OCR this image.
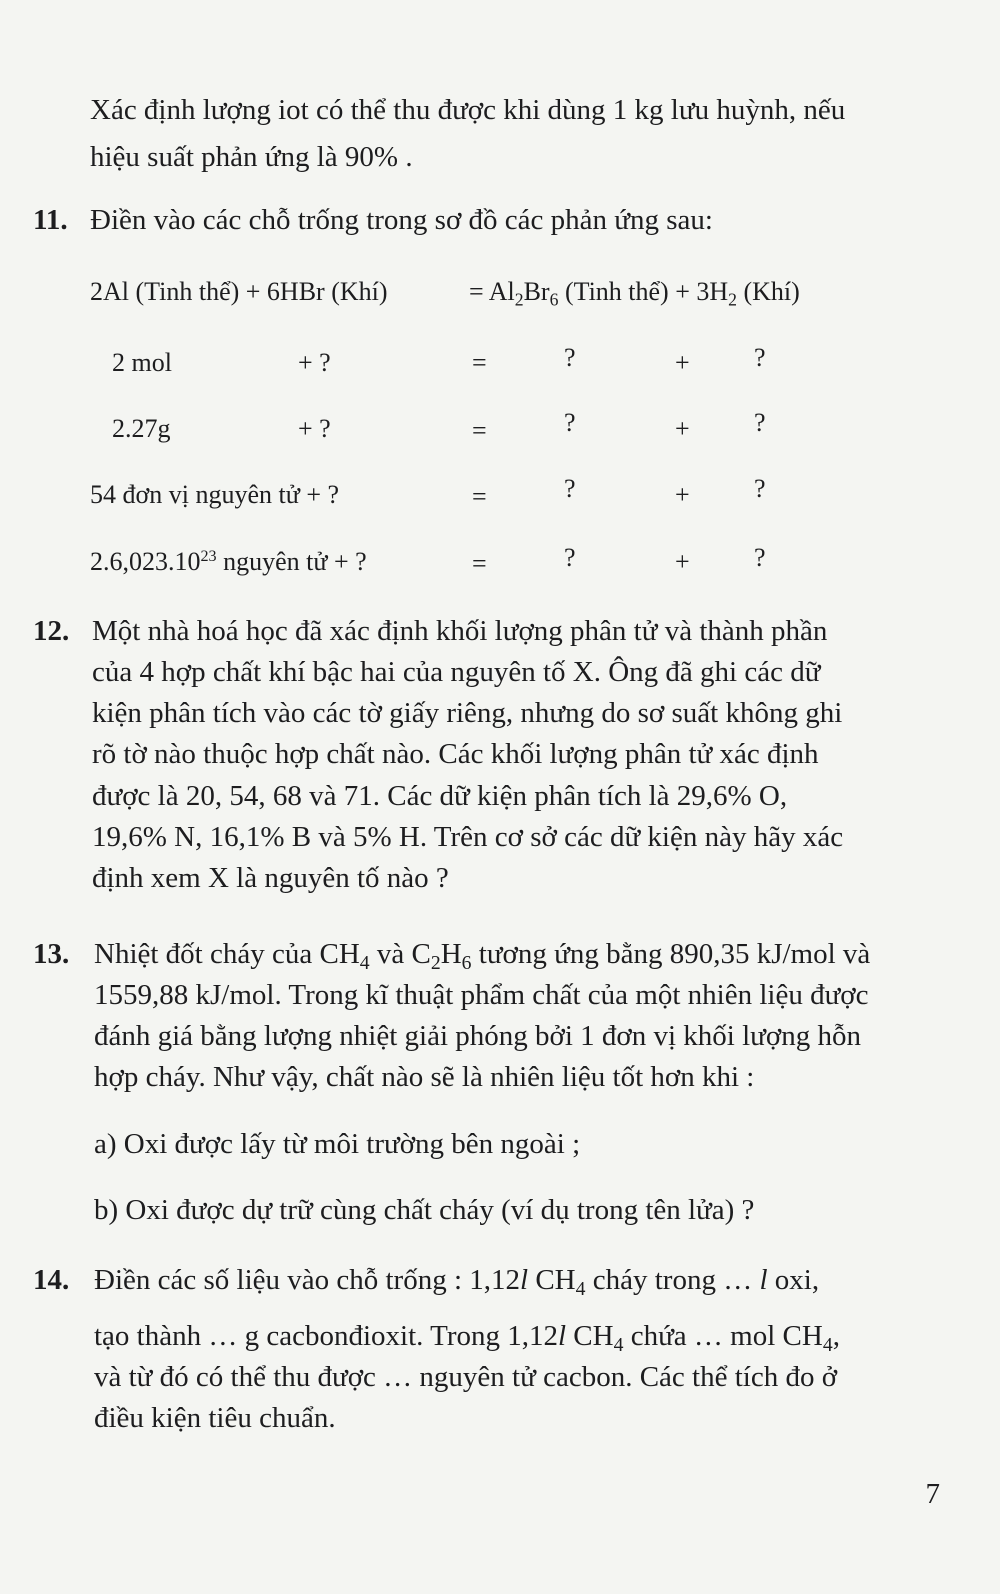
Xác định lượng iot có thể thu được khi dùng 1 kg lưu huỳnh, nếu
hiệu suất phản ứng là 90% .
11. Điền vào các chỗ trống trong sơ đồ các phản ứng sau:
2Al (Tinh thể) + 6HBr (Khí)	= $Al_2Br_6$ (Tinh thể) + $3H_2$ (Khí)
2 mol	+ ?	=	?	+ ?
2.27g	+ ?	=	?	+ ?
54 đơn vị nguyên tử + ?	=	?	+ ?
2.6,023.10$^{23}$ nguyên tử + ?	=	?	+ ?
12. Một nhà hoá học đã xác định khối lượng phân tử và thành phần
của 4 hợp chất khí bậc hai của nguyên tố X. Ông đã ghi các dữ
kiện phân tích vào các tờ giấy riêng, nhưng do sơ suất không ghi
rõ tờ nào thuộc hợp chất nào. Các khối lượng phân tử xác định
được là 20, 54, 68 và 71. Các dữ kiện phân tích là 29,6% O,
19,6% N, 16,1% B và 5% H. Trên cơ sở các dữ kiện này hãy xác
định xem X là nguyên tố nào ?
13. Nhiệt đốt cháy của $CH_4$ và $C_2H_6$ tương ứng bằng 890,35 kJ/mol và
1559,88 kJ/mol. Trong kĩ thuật phẩm chất của một nhiên liệu được
đánh giá bằng lượng nhiệt giải phóng bởi 1 đơn vị khối lượng hỗn
hợp cháy. Như vậy, chất nào sẽ là nhiên liệu tốt hơn khi :
a) Oxi được lấy từ môi trường bên ngoài ;
b) Oxi được dự trữ cùng chất cháy (ví dụ trong tên lửa) ?
14. Điền các số liệu vào chỗ trống : 1,12l $CH_4$ cháy trong … l oxi,
tạo thành … g cacbonđioxit. Trong 1,12l $CH_4$ chứa … mol $CH_4$,
và từ đó có thể thu được … nguyên tử cacbon. Các thể tích đo ở
điều kiện tiêu chuẩn.
7
